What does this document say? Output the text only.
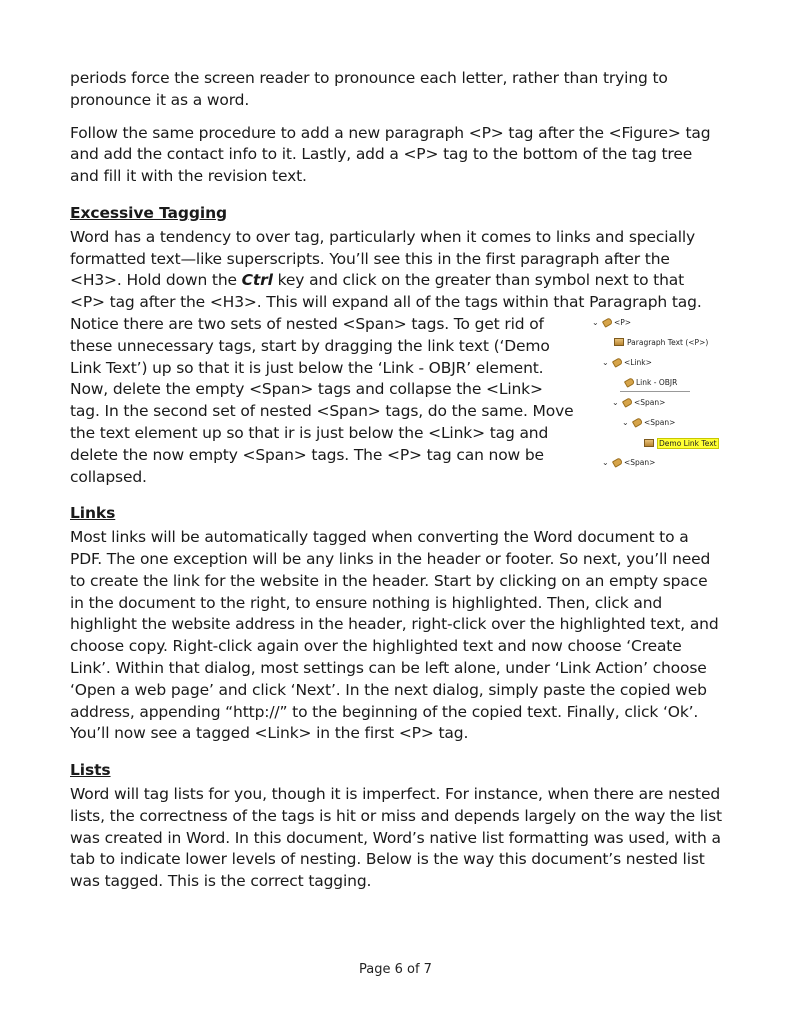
periods force the screen reader to pronounce each letter, rather than trying to pronounce it as a word.

Follow the same procedure to add a new paragraph <P> tag after the <Figure> tag and add the contact info to it. Lastly, add a <P> tag to the bottom of the tag tree and fill it with the revision text.

Excessive Tagging

Word has a tendency to over tag, particularly when it comes to links and specially formatted text—like superscripts. You’ll see this in the first paragraph after the <H3>. Hold down the Ctrl key and click on the greater than symbol next to that <P> tag after the <H3>. This will expand all of the tags within that Paragraph tag.

Notice there are two sets of nested <Span> tags. To get rid of these unnecessary tags, start by dragging the link text (‘Demo Link Text’) up so that it is just below the ‘Link - OBJR’ element. Now, delete the empty <Span> tags and collapse the <Link> tag. In the second set of nested <Span> tags, do the same. Move the text element up so that ir is just below the <Link> tag and delete the now empty <Span> tags. The <P> tag can now be collapsed.

⌄ <P>
Paragraph Text (<P>)
⌄ <Link>
Link - OBJR
⌄ <Span>
⌄ <Span>
Demo Link Text
⌄ <Span>
Links

Most links will be automatically tagged when converting the Word document to a PDF. The one exception will be any links in the header or footer. So next, you’ll need to create the link for the website in the header. Start by clicking on an empty space in the document to the right, to ensure nothing is highlighted. Then, click and highlight the website address in the header, right-click over the highlighted text, and choose copy. Right-click again over the highlighted text and now choose ‘Create Link’. Within that dialog, most settings can be left alone, under ‘Link Action’ choose ‘Open a web page’ and click ‘Next’. In the next dialog, simply paste the copied web address, appending “http://” to the beginning of the copied text. Finally, click ‘Ok’. You’ll now see a tagged <Link> in the first <P> tag.

Lists

Word will tag lists for you, though it is imperfect. For instance, when there are nested lists, the correctness of the tags is hit or miss and depends largely on the way the list was created in Word. In this document, Word’s native list formatting was used, with a tab to indicate lower levels of nesting. Below is the way this document’s nested list was tagged. This is the correct tagging.

Page 6 of 7
